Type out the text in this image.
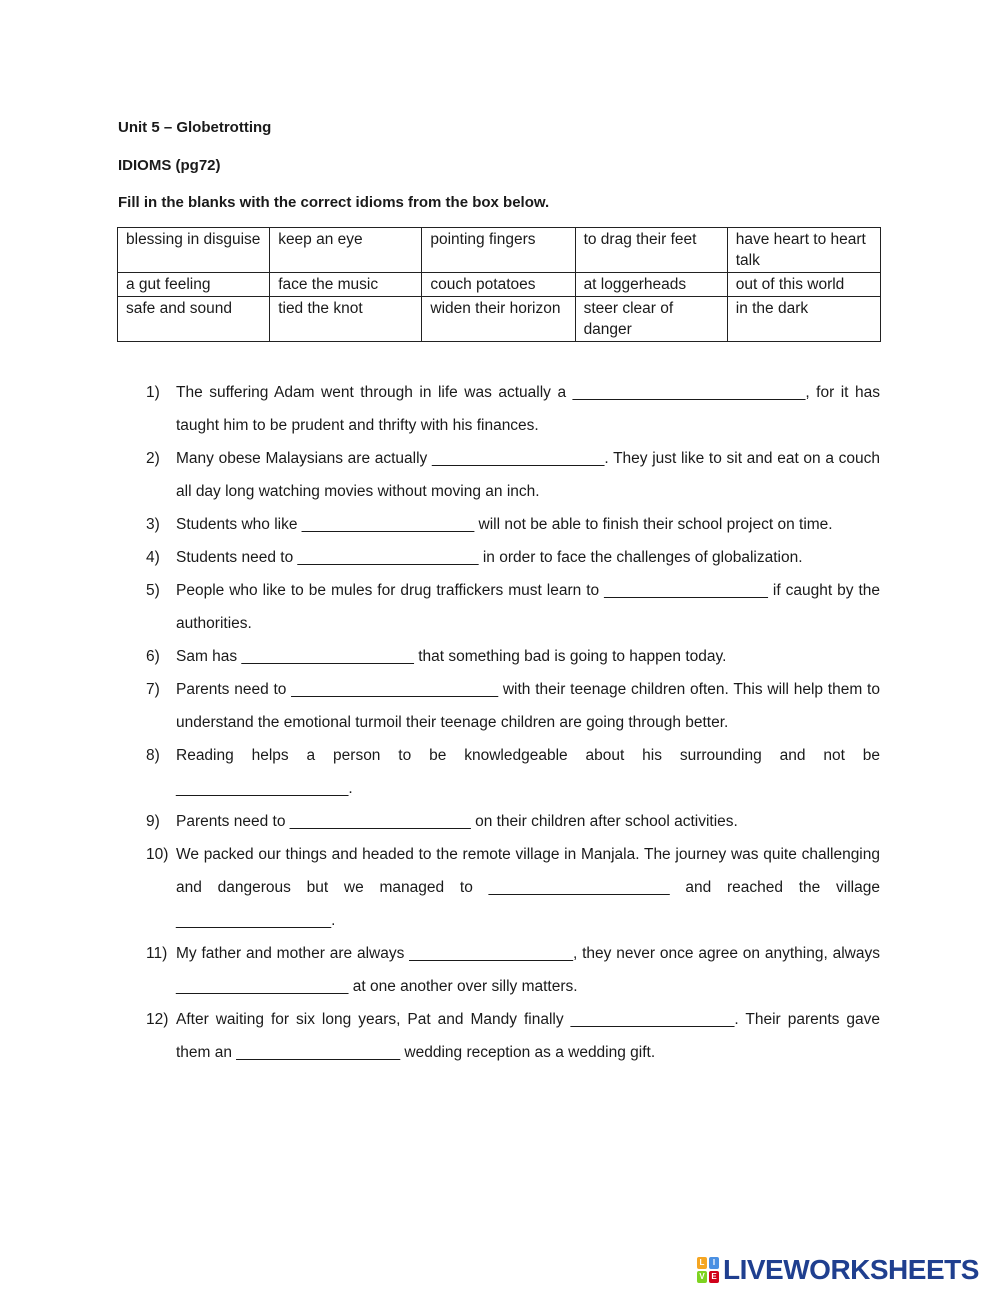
Unit 5 – Globetrotting
IDIOMS (pg72)
Fill in the blanks with the correct idioms from the box below.
blessing in disguise	keep an eye	pointing fingers	to drag their feet	have heart to heart talk
a gut feeling	face the music	couch potatoes	at loggerheads	out of this world
safe and sound	tied the knot	widen their horizon	steer clear of danger	in the dark
1) The suffering Adam went through in life was actually a ___________________________, for it has taught him to be prudent and thrifty with his finances.
2) Many obese Malaysians are actually ____________________. They just like to sit and eat on a couch all day long watching movies without moving an inch.
3) Students who like ____________________ will not be able to finish their school project on time.
4) Students need to _____________________ in order to face the challenges of globalization.
5) People who like to be mules for drug traffickers must learn to ___________________ if caught by the authorities.
6) Sam has ____________________ that something bad is going to happen today.
7) Parents need to ________________________ with their teenage children often. This will help them to understand the emotional turmoil their teenage children are going through better.
8) Reading helps a person to be knowledgeable about his surrounding and not be ____________________.
9) Parents need to _____________________ on their children after school activities.
10) We packed our things and headed to the remote village in Manjala. The journey was quite challenging and dangerous but we managed to _____________________ and reached the village __________________.
11) My father and mother are always ___________________, they never once agree on anything, always ____________________ at one another over silly matters.
12) After waiting for six long years, Pat and Mandy finally ___________________. Their parents gave them an ___________________ wedding reception as a wedding gift.
L	I
V E LIVEWORKSHEETS
